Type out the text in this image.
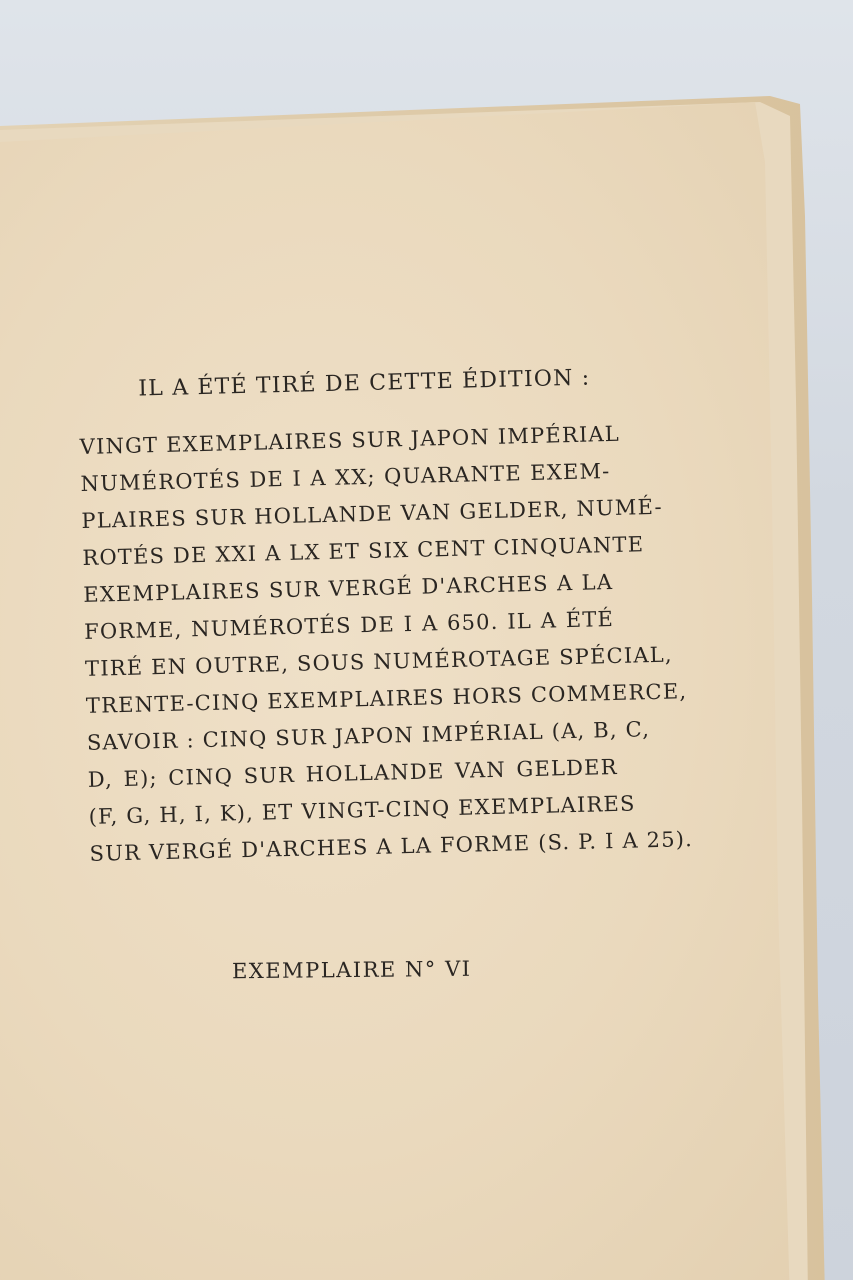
IL A ÉTÉ TIRÉ DE CETTE ÉDITION :

VINGT EXEMPLAIRES SUR JAPON IMPÉRIAL

NUMÉROTÉS DE I A XX; QUARANTE EXEM-

PLAIRES SUR HOLLANDE VAN GELDER, NUMÉ-

ROTÉS DE XXI A LX ET SIX CENT CINQUANTE

EXEMPLAIRES SUR VERGÉ D'ARCHES A LA

FORME, NUMÉROTÉS DE I A 650. IL A ÉTÉ

TIRÉ EN OUTRE, SOUS NUMÉROTAGE SPÉCIAL,

TRENTE-CINQ EXEMPLAIRES HORS COMMERCE,

SAVOIR : CINQ SUR JAPON IMPÉRIAL (A, B, C,

D, E); CINQ SUR HOLLANDE VAN GELDER

(F, G, H, I, K), ET VINGT-CINQ EXEMPLAIRES

SUR VERGÉ D'ARCHES A LA FORME (S. P. I A 25).

EXEMPLAIRE N° VI
